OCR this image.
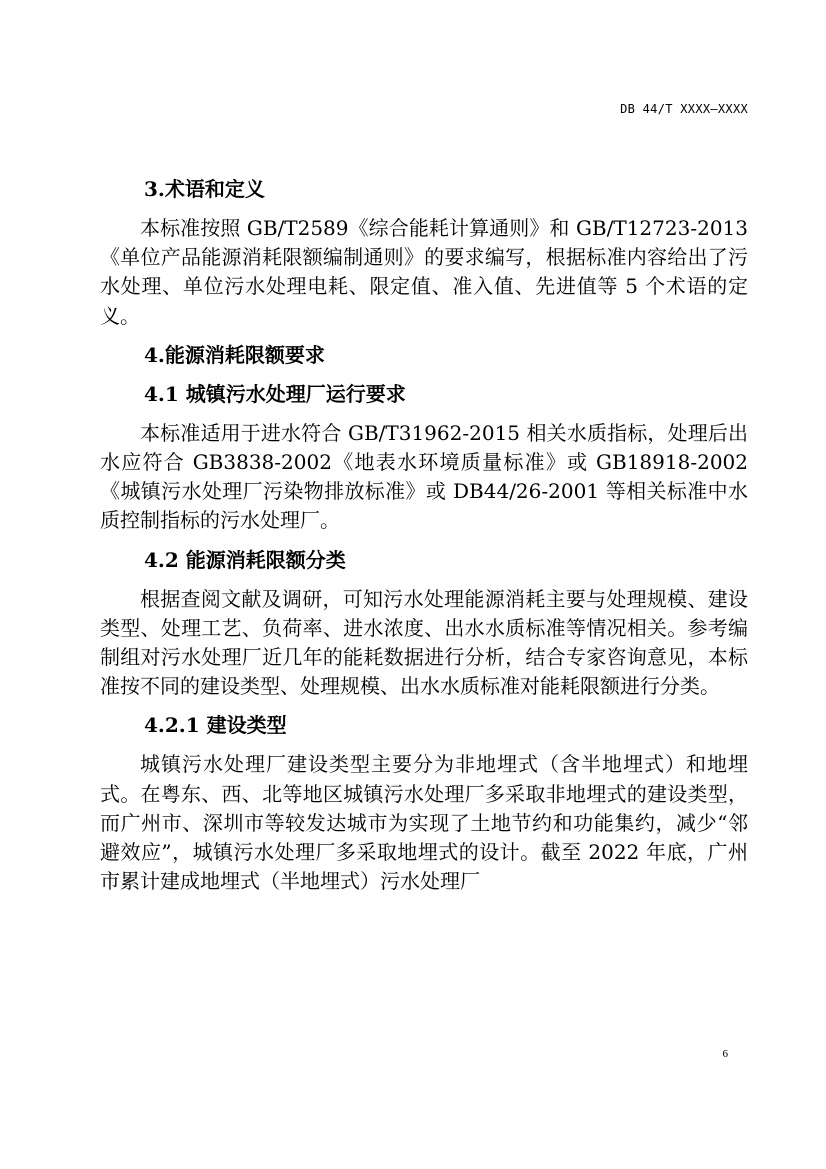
DB 44/T XXXX—XXXX
3.术语和定义

本标准按照 GB/T2589《综合能耗计算通则》和 GB/T12723-2013《单位产品能源消耗限额编制通则》的要求编写，根据标准内容给出了污水处理、单位污水处理电耗、限定值、准入值、先进值等 5 个术语的定义。

4.能源消耗限额要求
4.1 城镇污水处理厂运行要求

本标准适用于进水符合 GB/T31962-2015 相关水质指标，处理后出水应符合 GB3838-2002《地表水环境质量标准》或 GB18918-2002《城镇污水处理厂污染物排放标准》或 DB44/26-2001 等相关标准中水质控制指标的污水处理厂。

4.2 能源消耗限额分类

根据查阅文献及调研，可知污水处理能源消耗主要与处理规模、建设类型、处理工艺、负荷率、进水浓度、出水水质标准等情况相关。参考编制组对污水处理厂近几年的能耗数据进行分析，结合专家咨询意见，本标准按不同的建设类型、处理规模、出水水质标准对能耗限额进行分类。

4.2.1 建设类型

城镇污水处理厂建设类型主要分为非地埋式（含半地埋式）和地埋式。在粤东、西、北等地区城镇污水处理厂多采取非地埋式的建设类型，而广州市、深圳市等较发达城市为实现了土地节约和功能集约，减少“邻避效应”，城镇污水处理厂多采取地埋式的设计。截至 2022 年底，广州市累计建成地埋式（半地埋式）污水处理厂

6
